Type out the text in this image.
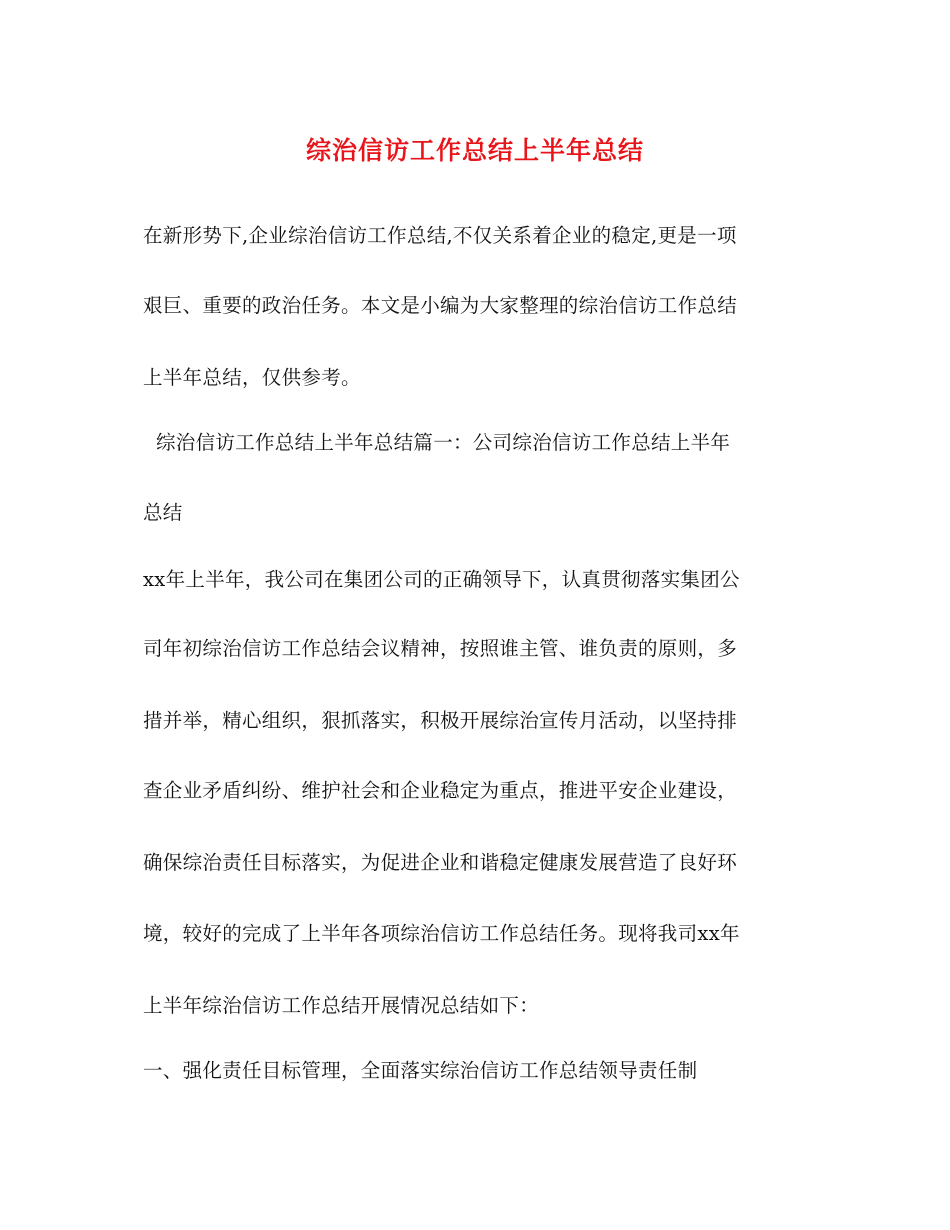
综治信访工作总结上半年总结
在新形势下,企业综治信访工作总结,不仅关系着企业的稳定,更是一项
艰巨、重要的政治任务。本文是小编为大家整理的综治信访工作总结
上半年总结，仅供参考。
综治信访工作总结上半年总结篇一：公司综治信访工作总结上半年
总结
xx年上半年，我公司在集团公司的正确领导下，认真贯彻落实集团公
司年初综治信访工作总结会议精神，按照谁主管、谁负责的原则，多
措并举，精心组织，狠抓落实，积极开展综治宣传月活动，以坚持排
查企业矛盾纠纷、维护社会和企业稳定为重点，推进平安企业建设，
确保综治责任目标落实，为促进企业和谐稳定健康发展营造了良好环
境，较好的完成了上半年各项综治信访工作总结任务。现将我司xx年
上半年综治信访工作总结开展情况总结如下：
一、强化责任目标管理，全面落实综治信访工作总结领导责任制
